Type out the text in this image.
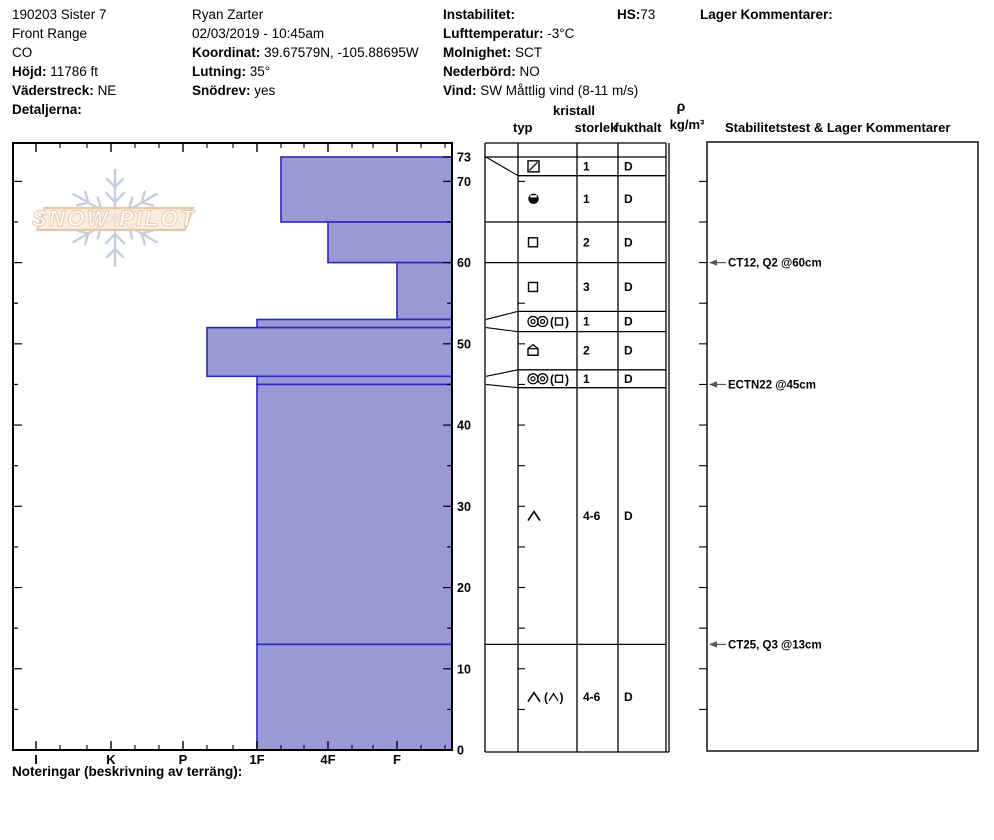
SNOW PILOT
I	K	P	1F	4F	F
73
70
60
50
40
30
20
10
0
1	D
1	D
2	D
3	D
( ) 1	D
2	D
( ) 1	D
4-6 D
( ) 4-6 D
CT12, Q2 @60cm
ECTN22 @45cm
CT25, Q3 @13cm
190203 Sister 7
Front Range
CO
Höjd: 11786 ft
Väderstreck: NE
Detaljerna:
Ryan Zarter
02/03/2019 - 10:45am
Koordinat: 39.67579N, -105.88695W
Lutning: 35°
Snödrev: yes
Instabilitet:
Lufttemperatur: -3°C
Molnighet: SCT
Nederbörd: NO
Vind: SW Måttlig vind (8-11 m/s)
HS:73	Lager Kommentarer:
kristall
typ	storlek
fukthalt
ρ
kg/m³ Stabilitetstest & Lager Kommentarer
Noteringar (beskrivning av terräng):
